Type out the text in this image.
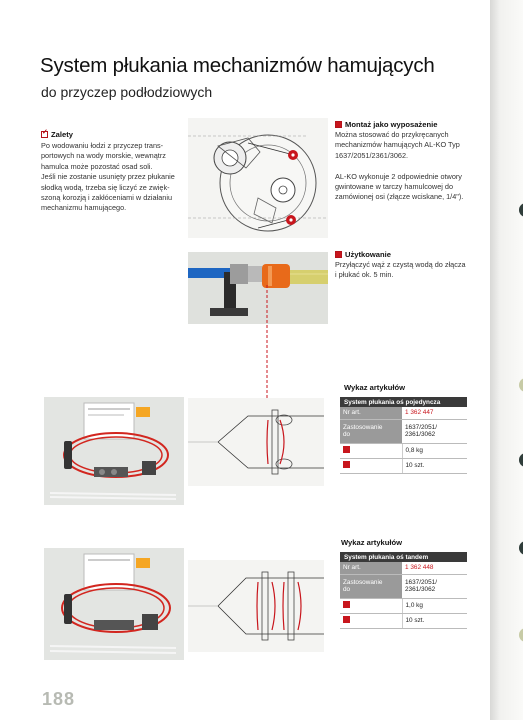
System płukania mechanizmów hamujących
do przyczep podłodziowych
✓ Zalety
Po wodowaniu łodzi z przyczep trans-
portowych na wody morskie, wewnątrz
hamulca może pozostać osad soli.
Jeśli nie zostanie usunięty przez płukanie
słodką wodą, trzeba się liczyć ze zwięk-
szoną korozją i zakłóceniami w działaniu
mechanizmu hamującego.
Montaż jako wyposażenie
Można stosować do przykręcanych
mechanizmów hamujących AL-KO Typ
1637/2051/2361/3062.
AL-KO wykonuje 2 odpowiednie otwory
gwintowane w tarczy hamulcowej do
zamówionej osi (złącze wciskane, 1/4").
Użytkowanie
Przyłączyć wąż z czystą wodą do złącza
i płukać ok. 5 min.
Wykaz artykułów
System płukania oś pojedyncza	
Nr art.	1 362 447

Zastosowanie
do	1637/2051/
2361/3062

	0,8 kg
	10 szt.
Wykaz artykułów
System płukania oś tandem	
Nr art.	1 362 448

Zastosowanie
do	1637/2051/
2361/3062

	1,0 kg
	10 szt.
188
